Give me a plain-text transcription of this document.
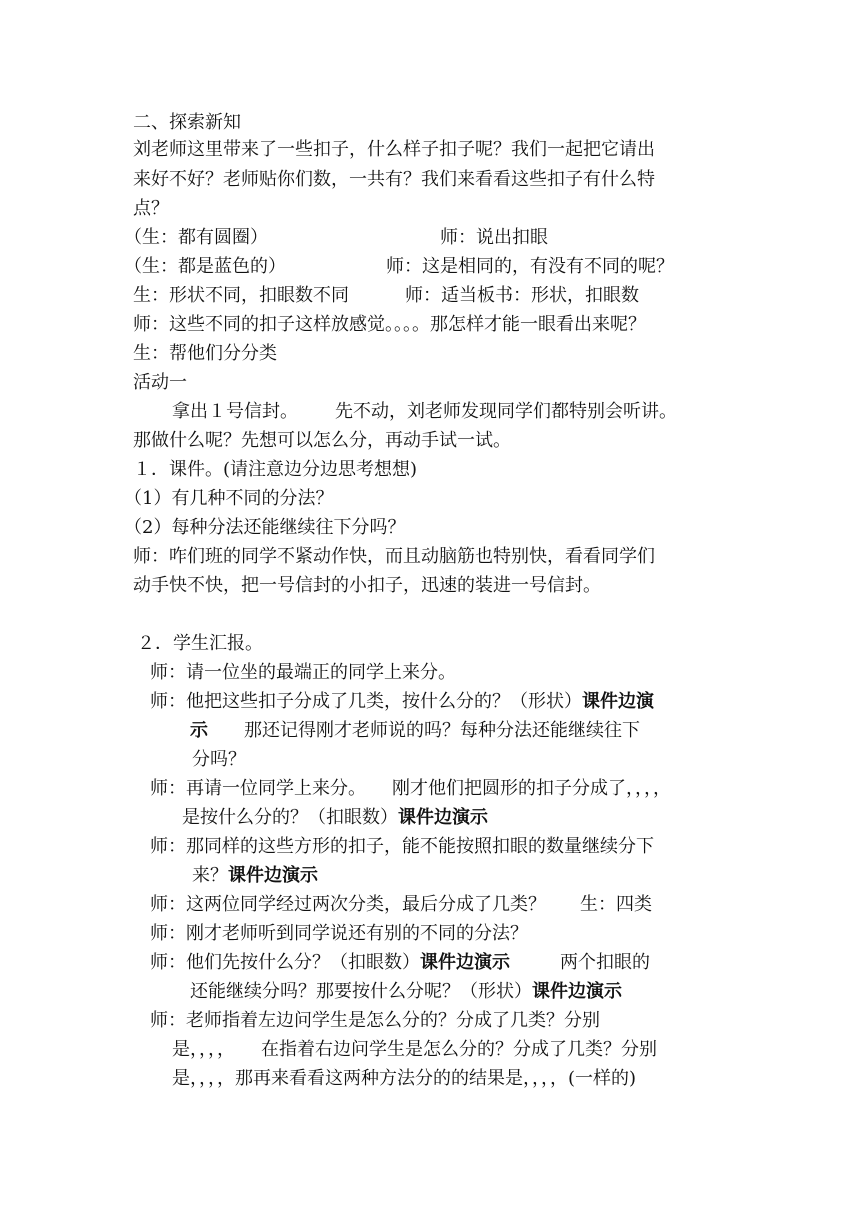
二、探索新知
刘老师这里带来了一些扣子，什么样子扣子呢？我们一起把它请出
来好不好？老师贴你们数，一共有？我们来看看这些扣子有什么特
点？
（生：都有圆圈）	师：说出扣眼
（生：都是蓝色的）	师：这是相同的，有没有不同的呢？
生：形状不同，扣眼数不同	师：适当板书：形状，扣眼数
师：这些不同的扣子这样放感觉。。。。那怎样才能一眼看出来呢？
生：帮他们分分类
活动一
拿出１号信封。 先不动，刘老师发现同学们都特别会听讲。
那做什么呢？先想可以怎么分，再动手试一试。
１．课件。(请注意边分边思考想想)
（1）有几种不同的分法？
（2）每种分法还能继续往下分吗？
师：咋们班的同学不紧动作快，而且动脑筋也特别快，看看同学们
动手快不快，把一号信封的小扣子，迅速的装进一号信封。
２．学生汇报。
师：请一位坐的最端正的同学上来分。
师：他把这些扣子分成了几类，按什么分的？（形状）课件边演
示 那还记得刚才老师说的吗？每种分法还能继续往下
分吗？
师：再请一位同学上来分。 刚才他们把圆形的扣子分成了，，，，
是按什么分的？（扣眼数）课件边演示
师：那同样的这些方形的扣子，能不能按照扣眼的数量继续分下
来？课件边演示
师：这两位同学经过两次分类，最后分成了几类？ 生：四类
师：刚才老师听到同学说还有别的不同的分法？
师：他们先按什么分？（扣眼数）课件边演示	两个扣眼的
还能继续分吗？那要按什么分呢？（形状）课件边演示
师：老师指着左边问学生是怎么分的？分成了几类？分别
是，，，， 在指着右边问学生是怎么分的？分成了几类？分别
是，，，，那再来看看这两种方法分的的结果是，，，，(一样的)
